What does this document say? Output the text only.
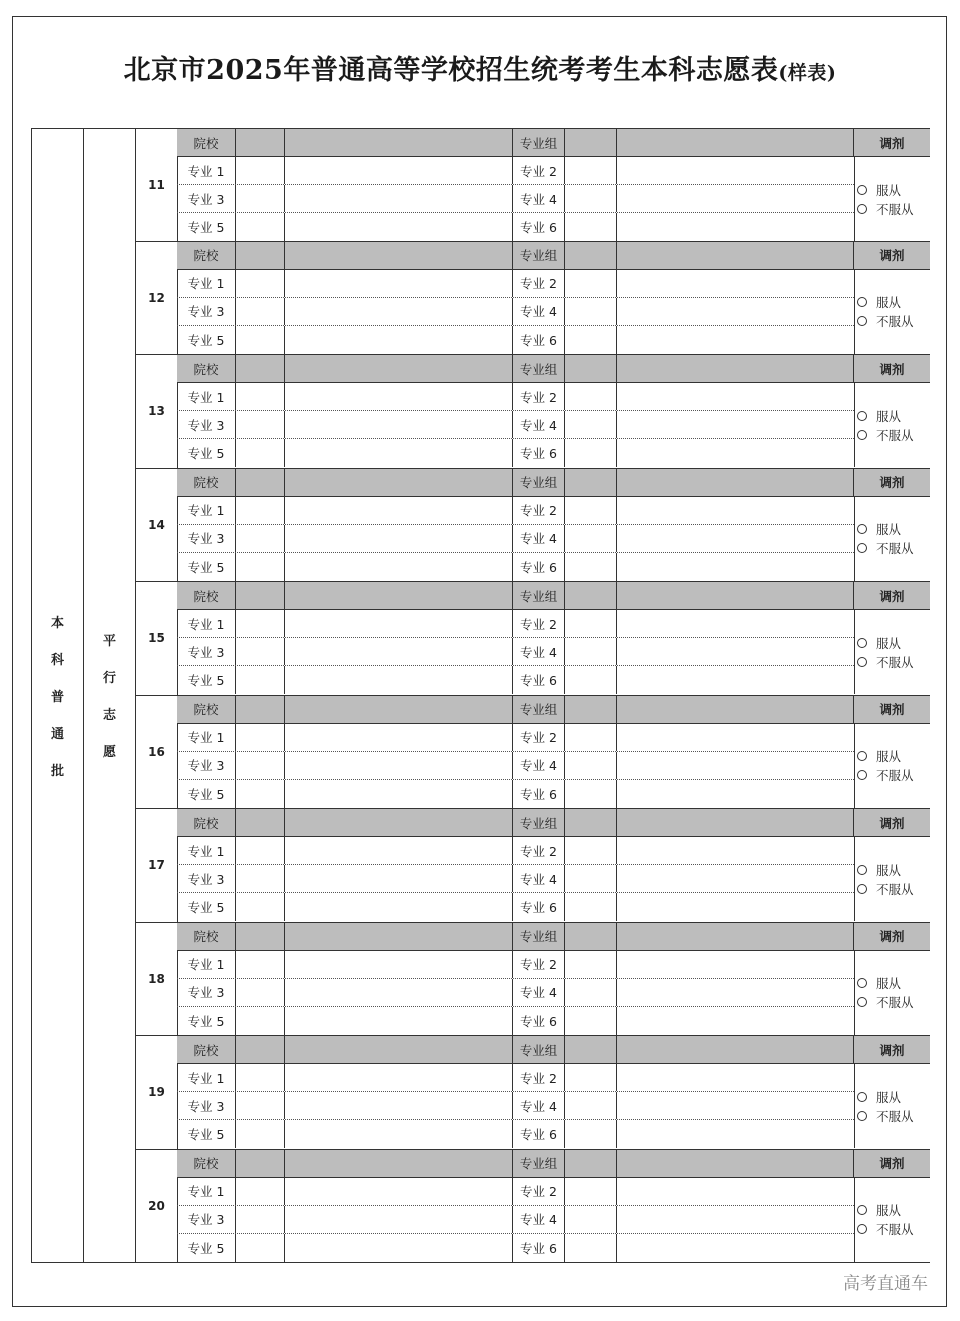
北京市2025年普通高等学校招生统考考生本科志愿表(样表)
本
科
普
通
批
平
行
志
愿
11
院校	专业组	调剂
专业 1	专业 2
专业 3	专业 4
专业 5	专业 6
服从
不服从
12
院校	专业组	调剂
专业 1	专业 2
专业 3	专业 4
专业 5	专业 6
服从
不服从
13
院校	专业组	调剂
专业 1	专业 2
专业 3	专业 4
专业 5	专业 6
服从
不服从
14
院校	专业组	调剂
专业 1	专业 2
专业 3	专业 4
专业 5	专业 6
服从
不服从
15
院校	专业组	调剂
专业 1	专业 2
专业 3	专业 4
专业 5	专业 6
服从
不服从
16
院校	专业组	调剂
专业 1	专业 2
专业 3	专业 4
专业 5	专业 6
服从
不服从
17
院校	专业组	调剂
专业 1	专业 2
专业 3	专业 4
专业 5	专业 6
服从
不服从
18
院校	专业组	调剂
专业 1	专业 2
专业 3	专业 4
专业 5	专业 6
服从
不服从
19
院校	专业组	调剂
专业 1	专业 2
专业 3	专业 4
专业 5	专业 6
服从
不服从
20
院校	专业组	调剂
专业 1	专业 2
专业 3	专业 4
专业 5	专业 6
服从
不服从
高考直通车
